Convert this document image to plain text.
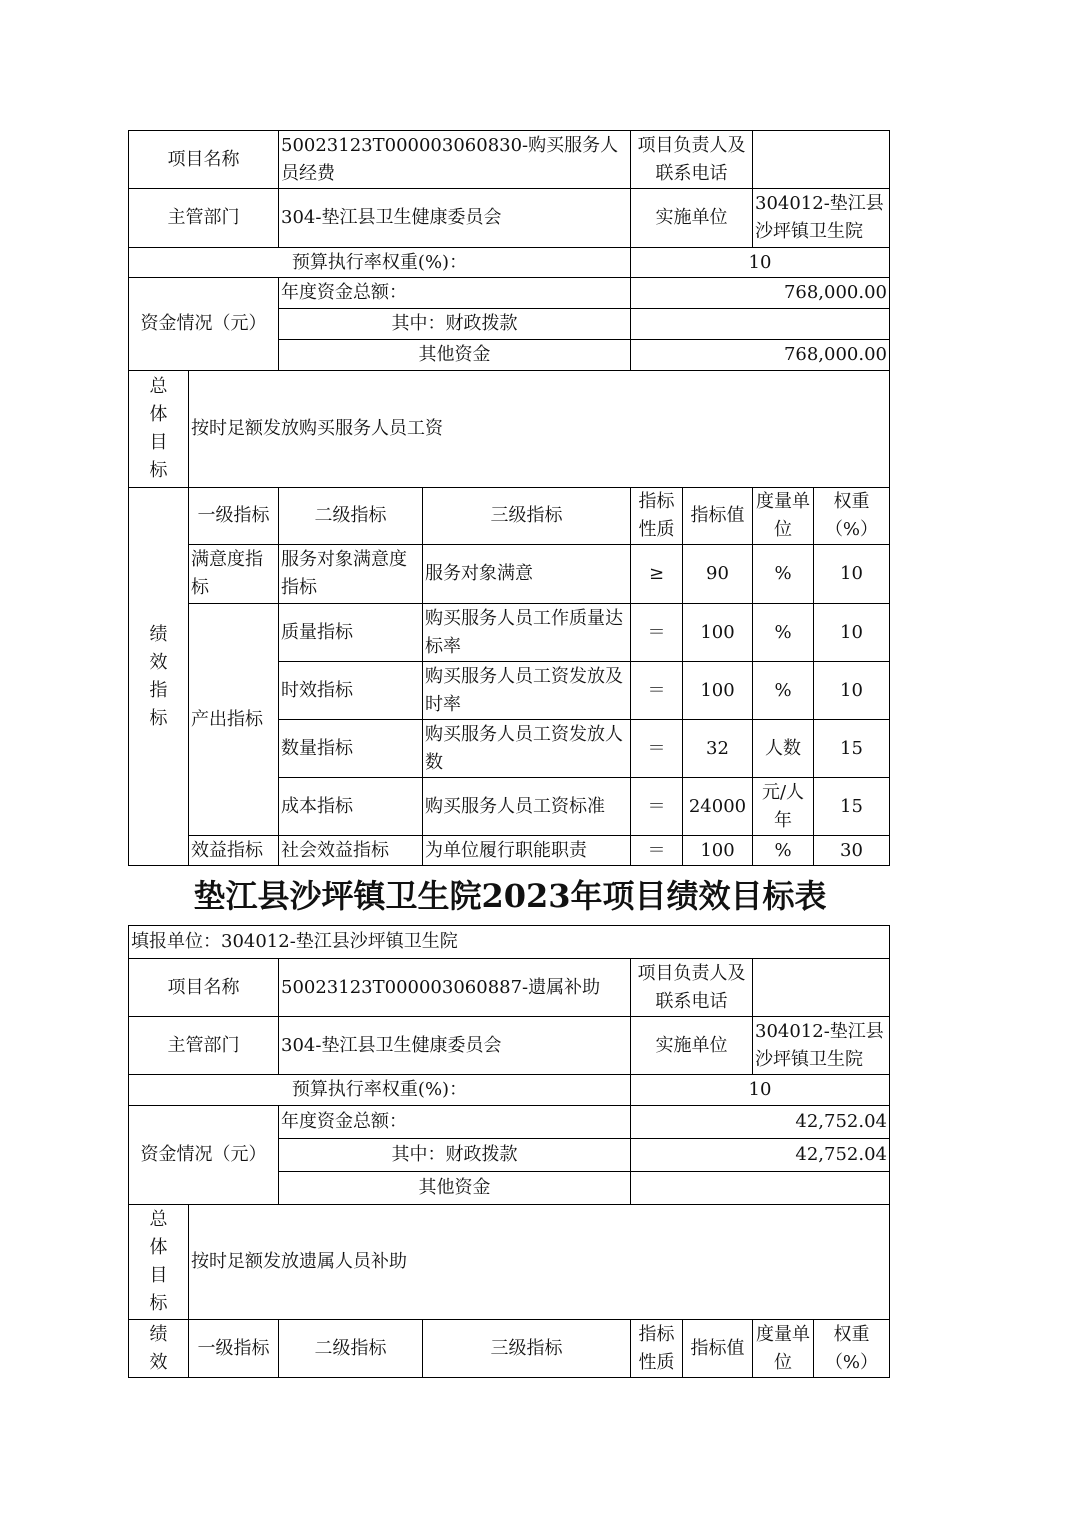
项目名称		50023123T000003060830-购买服务人员经费		项目负责人及联系电话			
主管部门		304-垫江县卫生健康委员会		实施单位		304012-垫江县沙坪镇卫生院	
预算执行率权重(%)：				10			
资金情况（元）		年度资金总额：		768,000.00			
		其中：财政拨款					
		其他资金		768,000.00			

总
体
目
标	按时足额发放购买服务人员工资						

绩
效
指
标	一级指标	二级指标	三级指标	指标性质	指标值	度量单位	权重（%）
	满意度指标	服务对象满意度指标	服务对象满意	≥	90	%	10
	产出指标	质量指标	购买服务人员工作质量达标率	＝	100	%	10
		时效指标	购买服务人员工资发放及时率	＝	100	%	10
		数量指标	购买服务人员工资发放人数	＝	32	人数	15
		成本指标	购买服务人员工资标准	＝	24000	元/人年	15
	效益指标	社会效益指标	为单位履行职能职责	＝	100	%	30
垫江县沙坪镇卫生院2023年项目绩效目标表
填报单位：304012-垫江县沙坪镇卫生院							
项目名称		50023123T000003060887-遗属补助		项目负责人及联系电话			
主管部门		304-垫江县卫生健康委员会		实施单位		304012-垫江县沙坪镇卫生院	
预算执行率权重(%)：				10			
资金情况（元）		年度资金总额：		42,752.04			
		其中：财政拨款		42,752.04			
		其他资金					

总
体
目
标	按时足额发放遗属人员补助						

绩
效	一级指标	二级指标	三级指标	指标性质	指标值	度量单位	权重（%）
